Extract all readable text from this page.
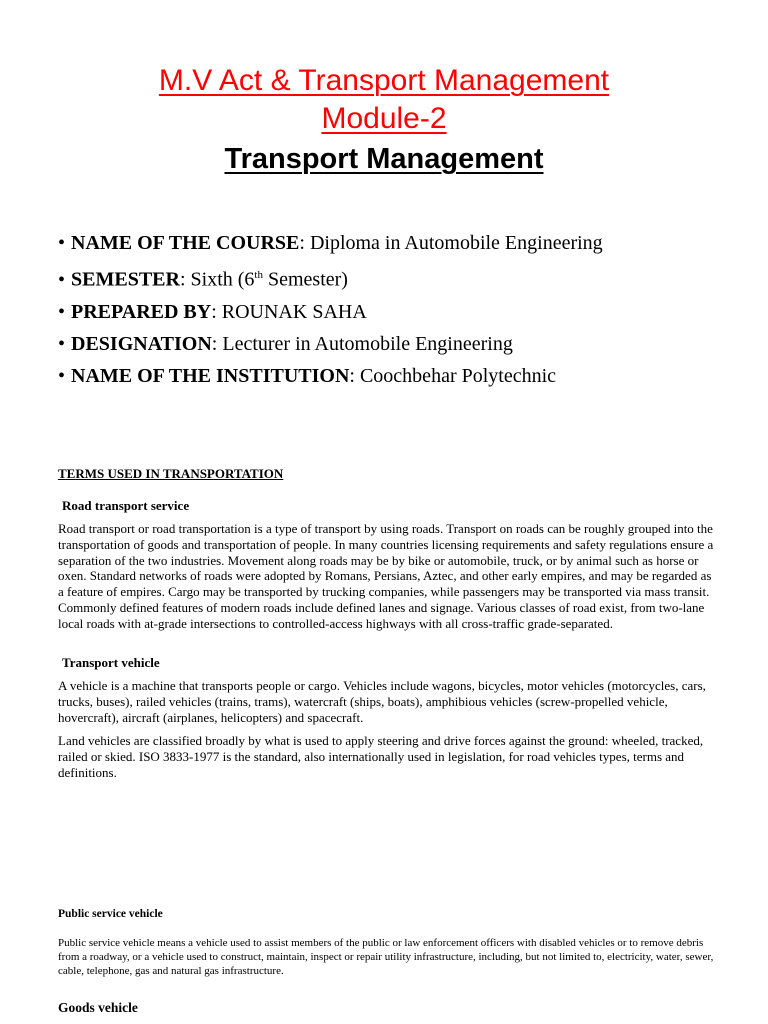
M.V Act & Transport Management
Module-2
Transport Management
• NAME OF THE COURSE: Diploma in Automobile Engineering
• SEMESTER: Sixth (6th Semester)
• PREPARED BY: ROUNAK SAHA
• DESIGNATION: Lecturer in Automobile Engineering
• NAME OF THE INSTITUTION: Coochbehar Polytechnic

TERMS USED IN TRANSPORTATION

Road transport service

Road transport or road transportation is a type of transport by using roads. Transport on roads can be roughly grouped into the transportation of goods and transportation of people. In many countries licensing requirements and safety regulations ensure a separation of the two industries. Movement along roads may be by bike or automobile, truck, or by animal such as horse or oxen. Standard networks of roads were adopted by Romans, Persians, Aztec, and other early empires, and may be regarded as a feature of empires. Cargo may be transported by trucking companies, while passengers may be transported via mass transit. Commonly defined features of modern roads include defined lanes and signage. Various classes of road exist, from two-lane local roads with at-grade intersections to controlled-access highways with all cross-traffic grade-separated.

Transport vehicle

A vehicle is a machine that transports people or cargo. Vehicles include wagons, bicycles, motor vehicles (motorcycles, cars, trucks, buses), railed vehicles (trains, trams), watercraft (ships, boats), amphibious vehicles (screw-propelled vehicle, hovercraft), aircraft (airplanes, helicopters) and spacecraft.

Land vehicles are classified broadly by what is used to apply steering and drive forces against the ground: wheeled, tracked, railed or skied. ISO 3833-1977 is the standard, also internationally used in legislation, for road vehicles types, terms and definitions.

Public service vehicle

Public service vehicle means a vehicle used to assist members of the public or law enforcement officers with disabled vehicles or to remove debris from a roadway, or a vehicle used to construct, maintain, inspect or repair utility infrastructure, including, but not limited to, electricity, water, sewer, cable, telephone, gas and natural gas infrastructure.

Goods vehicle
